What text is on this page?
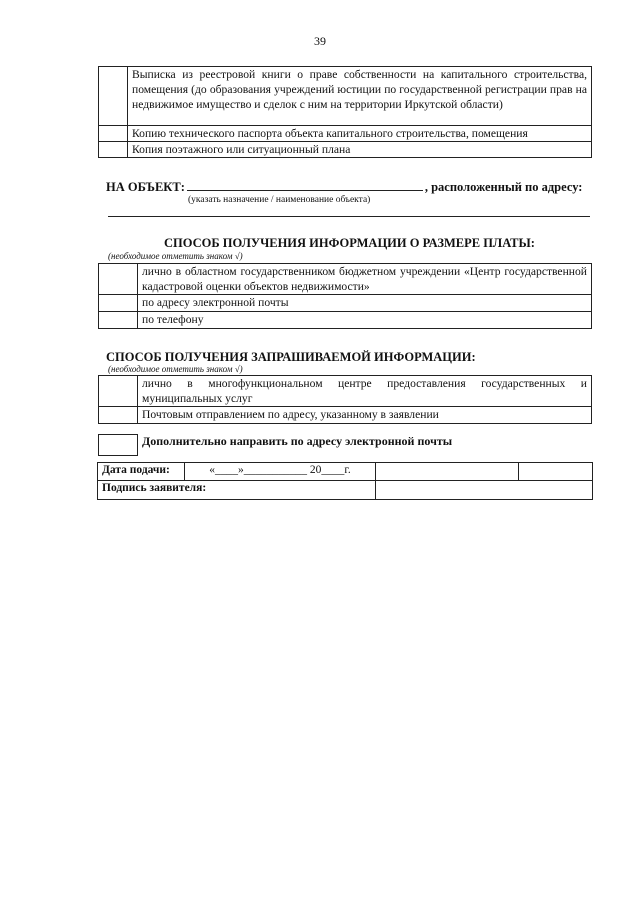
39
	Выписка из реестровой книги о праве собственности на капитального строительства, помещения (до образования учреждений юстиции по государственной регистрации прав на недвижимое имущество и сделок с ним на территории Иркутской области)
	Копию технического паспорта объекта капитального строительства, помещения
	Копия поэтажного или ситуационный плана
НА ОБЪЕКТ:	, расположенный по адресу:
(указать назначение / наименование объекта)
СПОСОБ ПОЛУЧЕНИЯ ИНФОРМАЦИИ О РАЗМЕРЕ ПЛАТЫ:
(необходимое отметить знаком √)
	лично в областном государственником бюджетном учреждении «Центр государственной кадастровой оценки объектов недвижимости»
	по адресу электронной почты
	по телефону
СПОСОБ ПОЛУЧЕНИЯ ЗАПРАШИВАЕМОЙ ИНФОРМАЦИИ:
(необходимое отметить знаком √)
	лично в многофункциональном центре предоставления государственных и муниципальных услуг
	Почтовым отправлением по адресу, указанному в заявлении
Дополнительно направить по адресу электронной почты
Дата подачи:	«____»___________ 20____г.		
Подпись заявителя:			
